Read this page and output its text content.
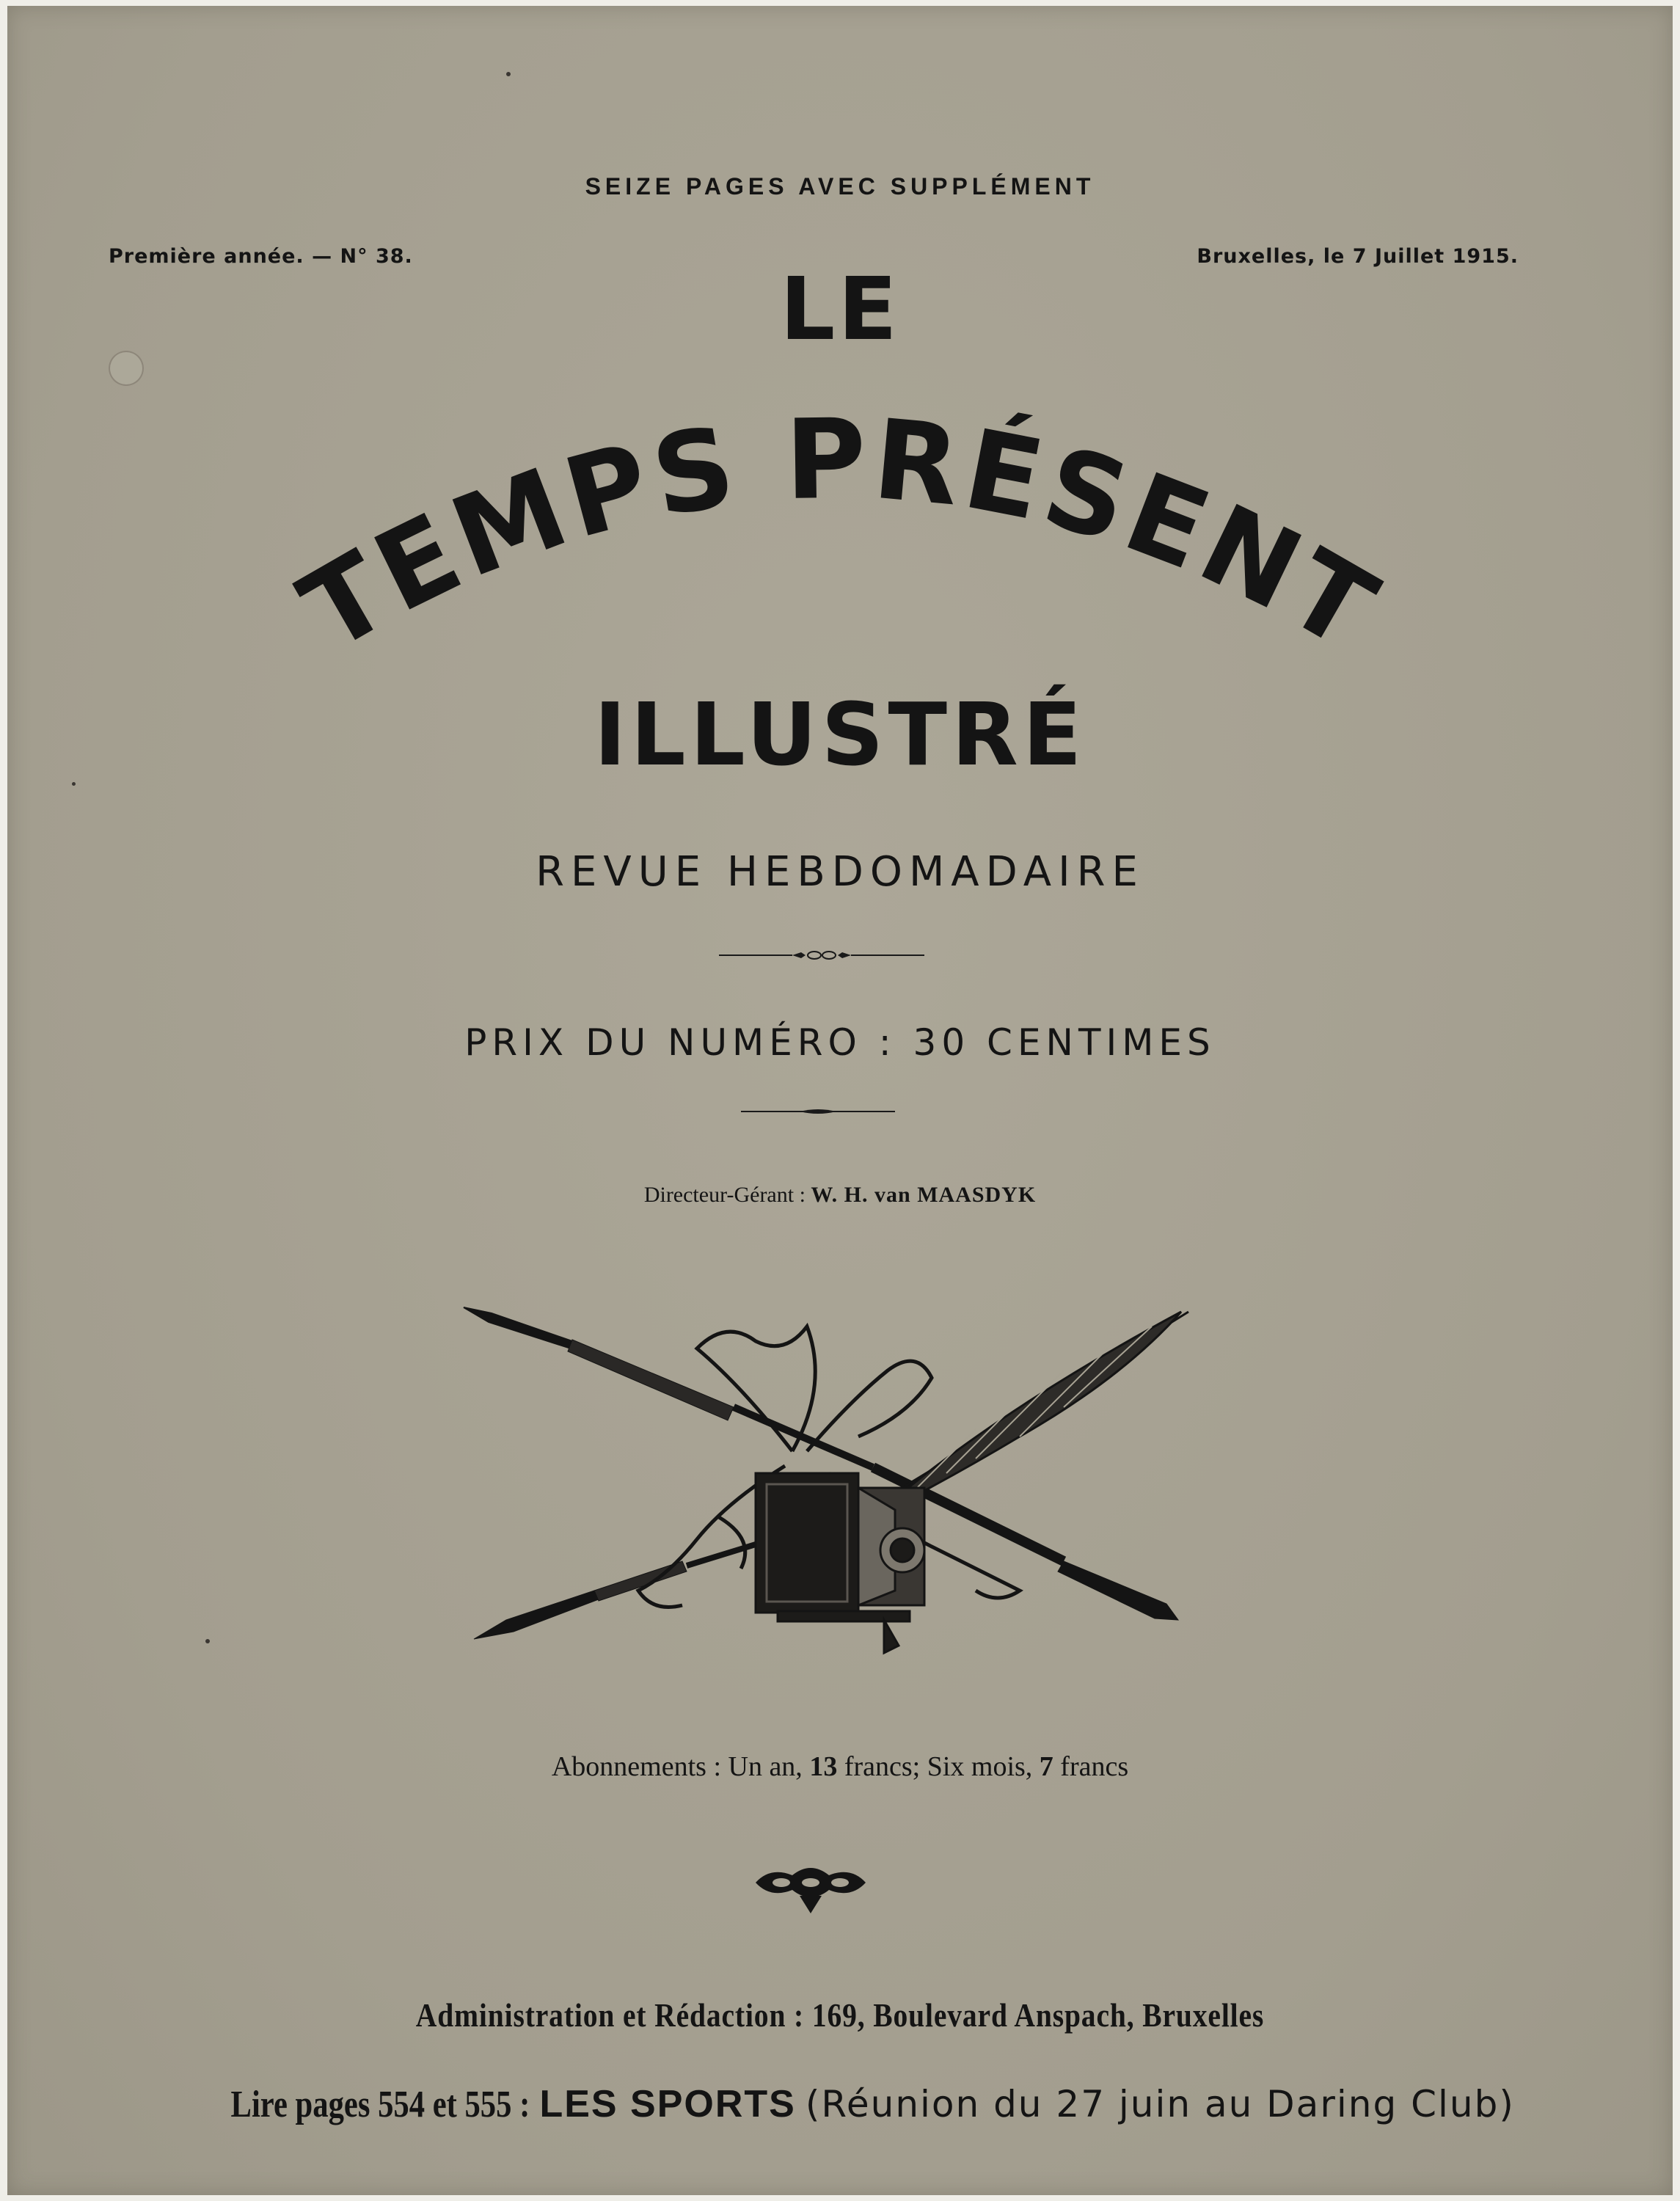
SEIZE PAGES AVEC SUPPLÉMENT
Première année. — N° 38.	Bruxelles, le 7 Juillet 1915.
LE
TEMPS PRÉSENT
ILLUSTRÉ
REVUE HEBDOMADAIRE
PRIX DU NUMÉRO : 30 CENTIMES
Directeur-Gérant : W. H. van MAASDYK
Abonnements : Un an, 13 francs; Six mois, 7 francs
Administration et Rédaction : 169, Boulevard Anspach, Bruxelles
Lire pages 554 et 555 : LES SPORTS (Réunion du 27 juin au Daring Club)
